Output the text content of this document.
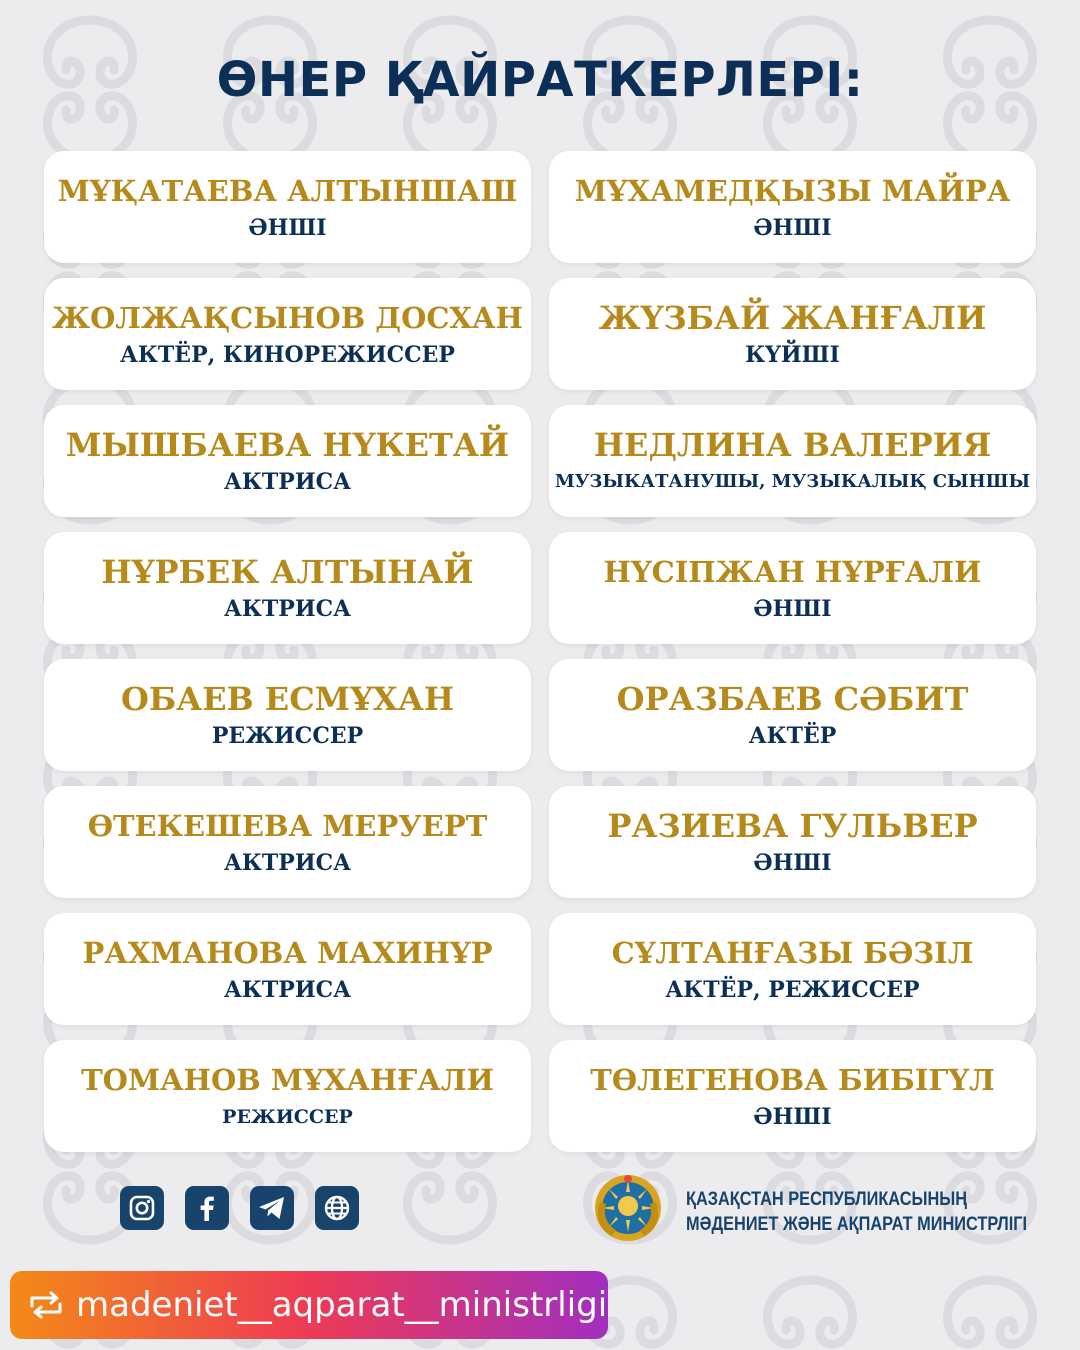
ӨНЕР ҚАЙРАТКЕРЛЕРІ:
МҰҚАТАЕВА АЛТЫНШАШ
ӘНШІ
МҰХАМЕДҚЫЗЫ МАЙРА
ӘНШІ
ЖОЛЖАҚСЫНОВ ДОСХАН
АКТЁР, КИНОРЕЖИССЕР
ЖҮЗБАЙ ЖАНҒАЛИ
КҮЙШІ
МЫШБАЕВА НҮКЕТАЙ
АКТРИСА
НЕДЛИНА ВАЛЕРИЯ
МУЗЫКАТАНУШЫ, МУЗЫКАЛЫҚ СЫНШЫ
НҰРБЕК АЛТЫНАЙ
АКТРИСА
НҮСІПЖАН НҰРҒАЛИ
ӘНШІ
ОБАЕВ ЕСМҰХАН
РЕЖИССЕР
ОРАЗБАЕВ СӘБИТ
АКТЁР
ӨТЕКЕШЕВА МЕРУЕРТ
АКТРИСА
РАЗИЕВА ГУЛЬВЕР
ӘНШІ
РАХМАНОВА МАХИНҰР
АКТРИСА
СҰЛТАНҒАЗЫ БӘЗІЛ
АКТЁР, РЕЖИССЕР
ТОМАНОВ МҰХАНҒАЛИ
РЕЖИССЕР
ТӨЛЕГЕНОВА БИБІГҮЛ
ӘНШІ
ҚАЗАҚСТАН РЕСПУБЛИКАСЫНЫҢ
МӘДЕНИЕТ ЖӘНЕ АҚПАРАТ МИНИСТРЛІГІ
madeniet__aqparat__ministrligi
